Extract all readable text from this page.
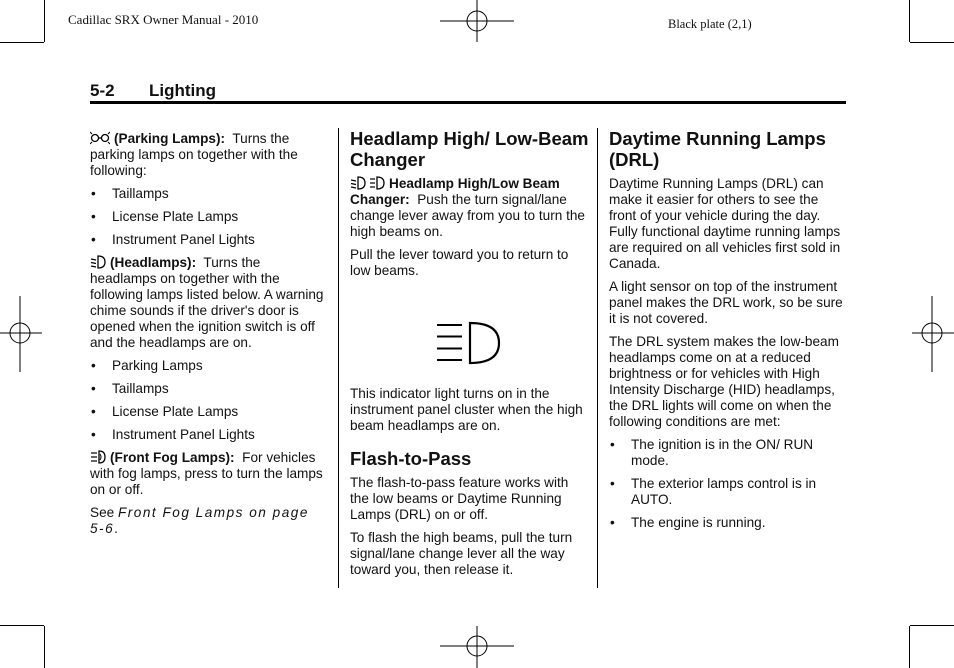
Cadillac SRX Owner Manual - 2010	Black plate (2,1)
5-2 Lighting

(Parking Lamps): Turns the parking lamps on together with the following:

• Taillamps
• License Plate Lamps
• Instrument Panel Lights

(Headlamps): Turns the headlamps on together with the following lamps listed below. A warning chime sounds if the driver's door is opened when the ignition switch is off and the headlamps are on.

• Parking Lamps
• Taillamps
• License Plate Lamps
• Instrument Panel Lights

(Front Fog Lamps): For vehicles with fog lamps, press to turn the lamps on or off.

See Front Fog Lamps on page 5-6.

Headlamp High/ Low-Beam Changer

Headlamp High/Low Beam Changer: Push the turn signal/lane change lever away from you to turn the high beams on.

Pull the lever toward you to return to low beams.

This indicator light turns on in the instrument panel cluster when the high beam headlamps are on.

Flash-to-Pass

The flash-to-pass feature works with the low beams or Daytime Running Lamps (DRL) on or off.

To flash the high beams, pull the turn signal/lane change lever all the way toward you, then release it.

Daytime Running Lamps (DRL)

Daytime Running Lamps (DRL) can make it easier for others to see the front of your vehicle during the day. Fully functional daytime running lamps are required on all vehicles first sold in Canada.

A light sensor on top of the instrument panel makes the DRL work, so be sure it is not covered.

The DRL system makes the low-beam headlamps come on at a reduced brightness or for vehicles with High Intensity Discharge (HID) headlamps, the DRL lights will come on when the following conditions are met:

• The ignition is in the ON/ RUN mode.
• The exterior lamps control is in AUTO.
• The engine is running.
